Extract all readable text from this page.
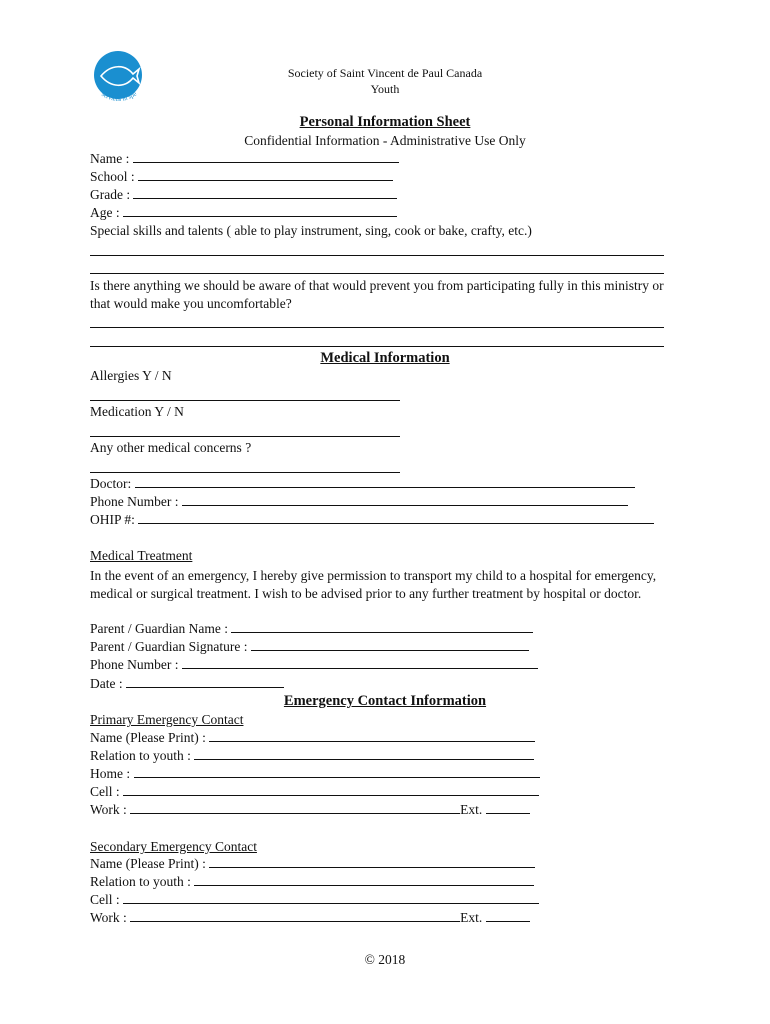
serviens in spe
Society of Saint Vincent de Paul Canada
Youth
Personal Information Sheet
Confidential Information - Administrative Use Only
Name :
School :
Grade :
Age :
Special skills and talents ( able to play instrument, sing, cook or bake, crafty, etc.)
Is there anything we should be aware of that would prevent you from participating fully in this ministry or that would make you uncomfortable?
Medical Information
Allergies Y / N
Medication Y / N
Any other medical concerns ?
Doctor:
Phone Number :
OHIP #:
Medical Treatment
In the event of an emergency, I hereby give permission to transport my child to a hospital for emergency, medical or surgical treatment. I wish to be advised prior to any further treatment by hospital or doctor.
Parent / Guardian Name :
Parent / Guardian Signature :
Phone Number :
Date :
Emergency Contact Information
Primary Emergency Contact
Name (Please Print) :
Relation to youth :
Home :
Cell :
Work :	Ext.
Secondary Emergency Contact
Name (Please Print) :
Relation to youth :
Cell :
Work :	Ext.
© 2018
